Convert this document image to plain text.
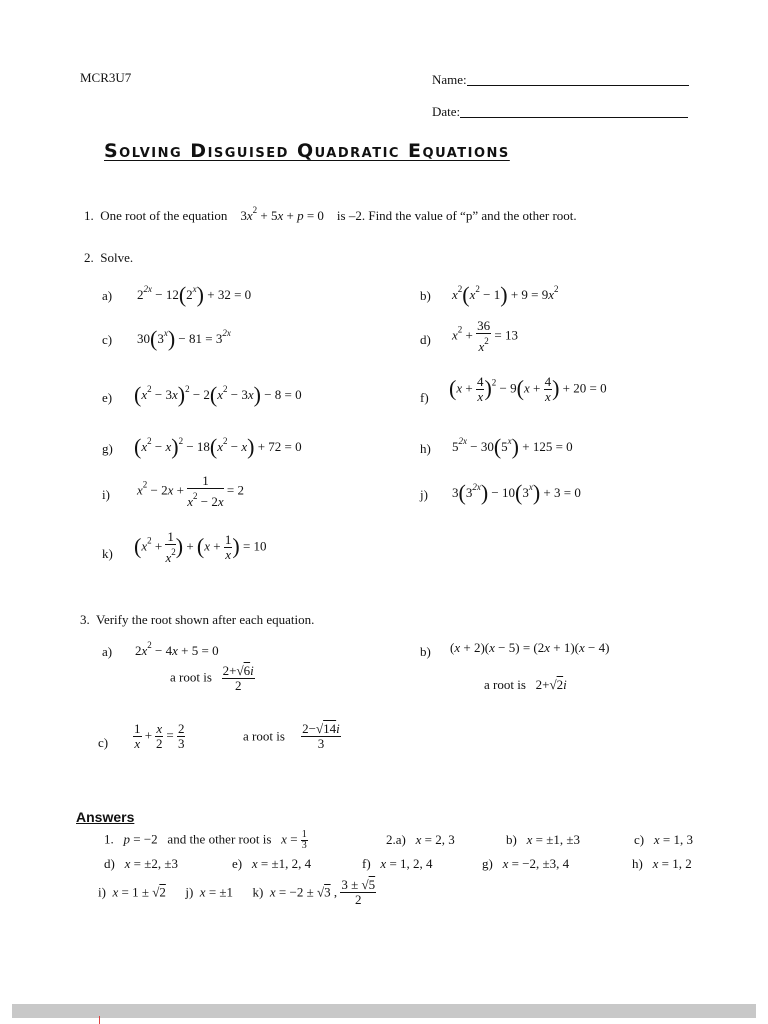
MCR3U7	Name:
Date:
Solving Disguised Quadratic Equations
1. One root of the equation $3x^2 + 5x + p = 0$ is –2. Find the value of “p” and the other root.
2. Solve.
a) $2^{2x} - 12(2^x) + 32 = 0$	b) $x^2(x^2 - 1) + 9 = 9x^2$
c) $30(3^x) - 81 = 3^{2x}$	d) $x^2 + \frac{36}{x^2} = 13$
e) $(x^2 - 3x)^2 - 2(x^2 - 3x) - 8 = 0$	f) $(x + \frac{4}{x} )^2 - 9(x + \frac{4}{x}$ ) + 20 = 0
g) $(x^2 - x)^2 - 18(x^2 - x) + 72 = 0$	h) $5^{2x} - 30(5^x) + 125 = 0$
i) $x^2 - 2x + \frac{1}{x^2 - 2x} = 2$	j) $3(3^{2x}) - 10(3^x) + 3 = 0$
k) ($x^2 + \frac{1}{x^2}$ ) + ($x + \frac{1}{x}$ ) = 10
3. Verify the root shown after each equation.
a) $2x^2 - 4x + 5 = 0$
a root is $\frac{2+√6i}{2}$
b) (x + 2)(x − 5) = (2x + 1)(x − 4)
a root is   2+√2i
$c) \frac{1}{x} + \frac{x}{2} = \frac{2}{3}$	a root is $\frac{2-√14i}{3}$
Answers
1. p = −2   and the other root is $x = \frac{1}{3}$	2.a)   x = 2, 3	b)   x = ±1, ±3	c)   x = 1, 3
d)   x = ±2, ±3	e)   x = ±1, 2, 4	f)   x = 1, 2, 4	g)   x = −2, ±3, 4	h)   x = 1, 2
i)  x = 1 ± √2 j)  x = ±1 k)  x = −2 ± √3 , $\frac{3 \pm √5}{2}$
